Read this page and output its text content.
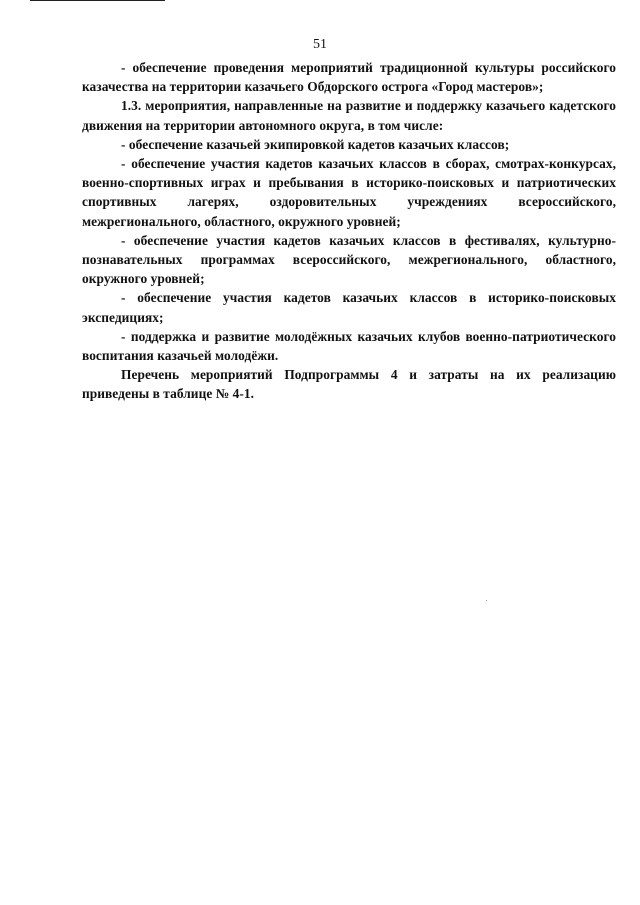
51

- обеспечение проведения мероприятий традиционной культуры российского казачества на территории казачьего Обдорского острога «Город мастеров»;

1.3. мероприятия, направленные на развитие и поддержку казачьего кадетского движения на территории автономного округа, в том числе:

- обеспечение казачьей экипировкой кадетов казачьих классов;

- обеспечение участия кадетов казачьих классов в сборах, смотрах-конкурсах, военно-спортивных играх и пребывания в историко-поисковых и патриотических спортивных лагерях, оздоровительных учреждениях всероссийского, межрегионального, областного, окружного уровней;

- обеспечение участия кадетов казачьих классов в фестивалях, культурно-познавательных программах всероссийского, межрегионального, областного, окружного уровней;

- обеспечение участия кадетов казачьих классов в историко-поисковых экспедициях;

- поддержка и развитие молодёжных казачьих клубов военно-патриотического воспитания казачьей молодёжи.

Перечень мероприятий Подпрограммы 4 и затраты на их реализацию приведены в таблице № 4-1.
